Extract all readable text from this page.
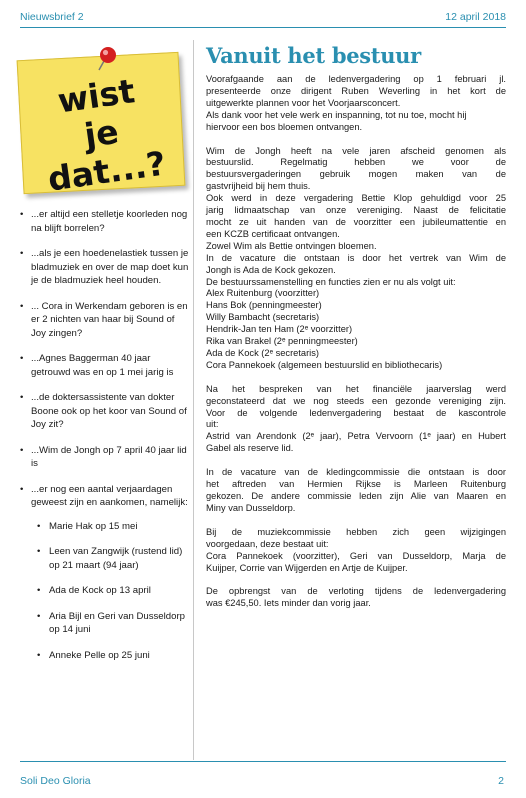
Nieuwsbrief 2	12 april 2018
wist je dat...?
• ...er altijd een stelletje koorleden nog na blijft borrelen?
• ...als je een hoedenelastiek tussen je bladmuziek en over de map doet kun je de bladmuziek heel houden.
• ... Cora in Werkendam geboren is en er 2 nichten van haar bij Sound of Joy zingen?
• ...Agnes Baggerman 40 jaar getrouwd was en op 1 mei jarig is
• ...de doktersassistente van dokter Boone ook op het koor van Sound of Joy zit?
• ...Wim de Jongh op 7 april 40 jaar lid is
• ...er nog een aantal verjaardagen geweest zijn en aankomen, namelijk:
• Marie Hak op 15 mei
• Leen van Zangwijk (rustend lid) op 21 maart (94 jaar)
• Ada de Kock op 13 april
• Aria Bijl en Geri van Dusseldorp op 14 juni
• Anneke Pelle op 25 juni
Vanuit het bestuur
Voorafgaande aan de ledenvergadering op 1 februari jl.
presenteerde onze dirigent Ruben Weverling in het kort de
uitgewerkte plannen voor het Voorjaarsconcert.
Als dank voor het vele werk en inspanning, tot nu toe, mocht hij
hiervoor een bos bloemen ontvangen.
Wim de Jongh heeft na vele jaren afscheid genomen als
bestuurslid. Regelmatig hebben we voor de
bestuursvergaderingen gebruik mogen maken van de
gastvrijheid bij hem thuis.
Ook werd in deze vergadering Bettie Klop gehuldigd voor 25
jarig lidmaatschap van onze vereniging. Naast de felicitatie
mocht ze uit handen van de voorzitter een jubileumattentie en
een KCZB certificaat ontvangen.
Zowel Wim als Bettie ontvingen bloemen.
In de vacature die ontstaan is door het vertrek van Wim de
Jongh is Ada de Kock gekozen.
De bestuurssamenstelling en functies zien er nu als volgt uit:
Alex Ruitenburg (voorzitter)
Hans Bok (penningmeester)
Willy Bambacht (secretaris)
Hendrik-Jan ten Ham (2ᵉ voorzitter)
Rika van Brakel (2ᵉ penningmeester)
Ada de Kock (2ᵉ secretaris)
Cora Pannekoek (algemeen bestuurslid en bibliothecaris)
Na het bespreken van het financiële jaarverslag werd
geconstateerd dat we nog steeds een gezonde vereniging zijn.
Voor de volgende ledenvergadering bestaat de kascontrole
uit:
Astrid van Arendonk (2ᵉ jaar), Petra Vervoorn (1ᵉ jaar) en Hubert
Gabel als reserve lid.
In de vacature van de kledingcommissie die ontstaan is door
het aftreden van Hermien Rijkse is Marleen Ruitenburg
gekozen. De andere commissie leden zijn Alie van Maaren en
Miny van Dusseldorp.
Bij de muziekcommissie hebben zich geen wijzigingen
voorgedaan, deze bestaat uit:
Cora Pannekoek (voorzitter), Geri van Dusseldorp, Marja de
Kuijper, Corrie van Wijgerden en Artje de Kuijper.
De opbrengst van de verloting tijdens de ledenvergadering
was €245,50. Iets minder dan vorig jaar.
Soli Deo Gloria	2
